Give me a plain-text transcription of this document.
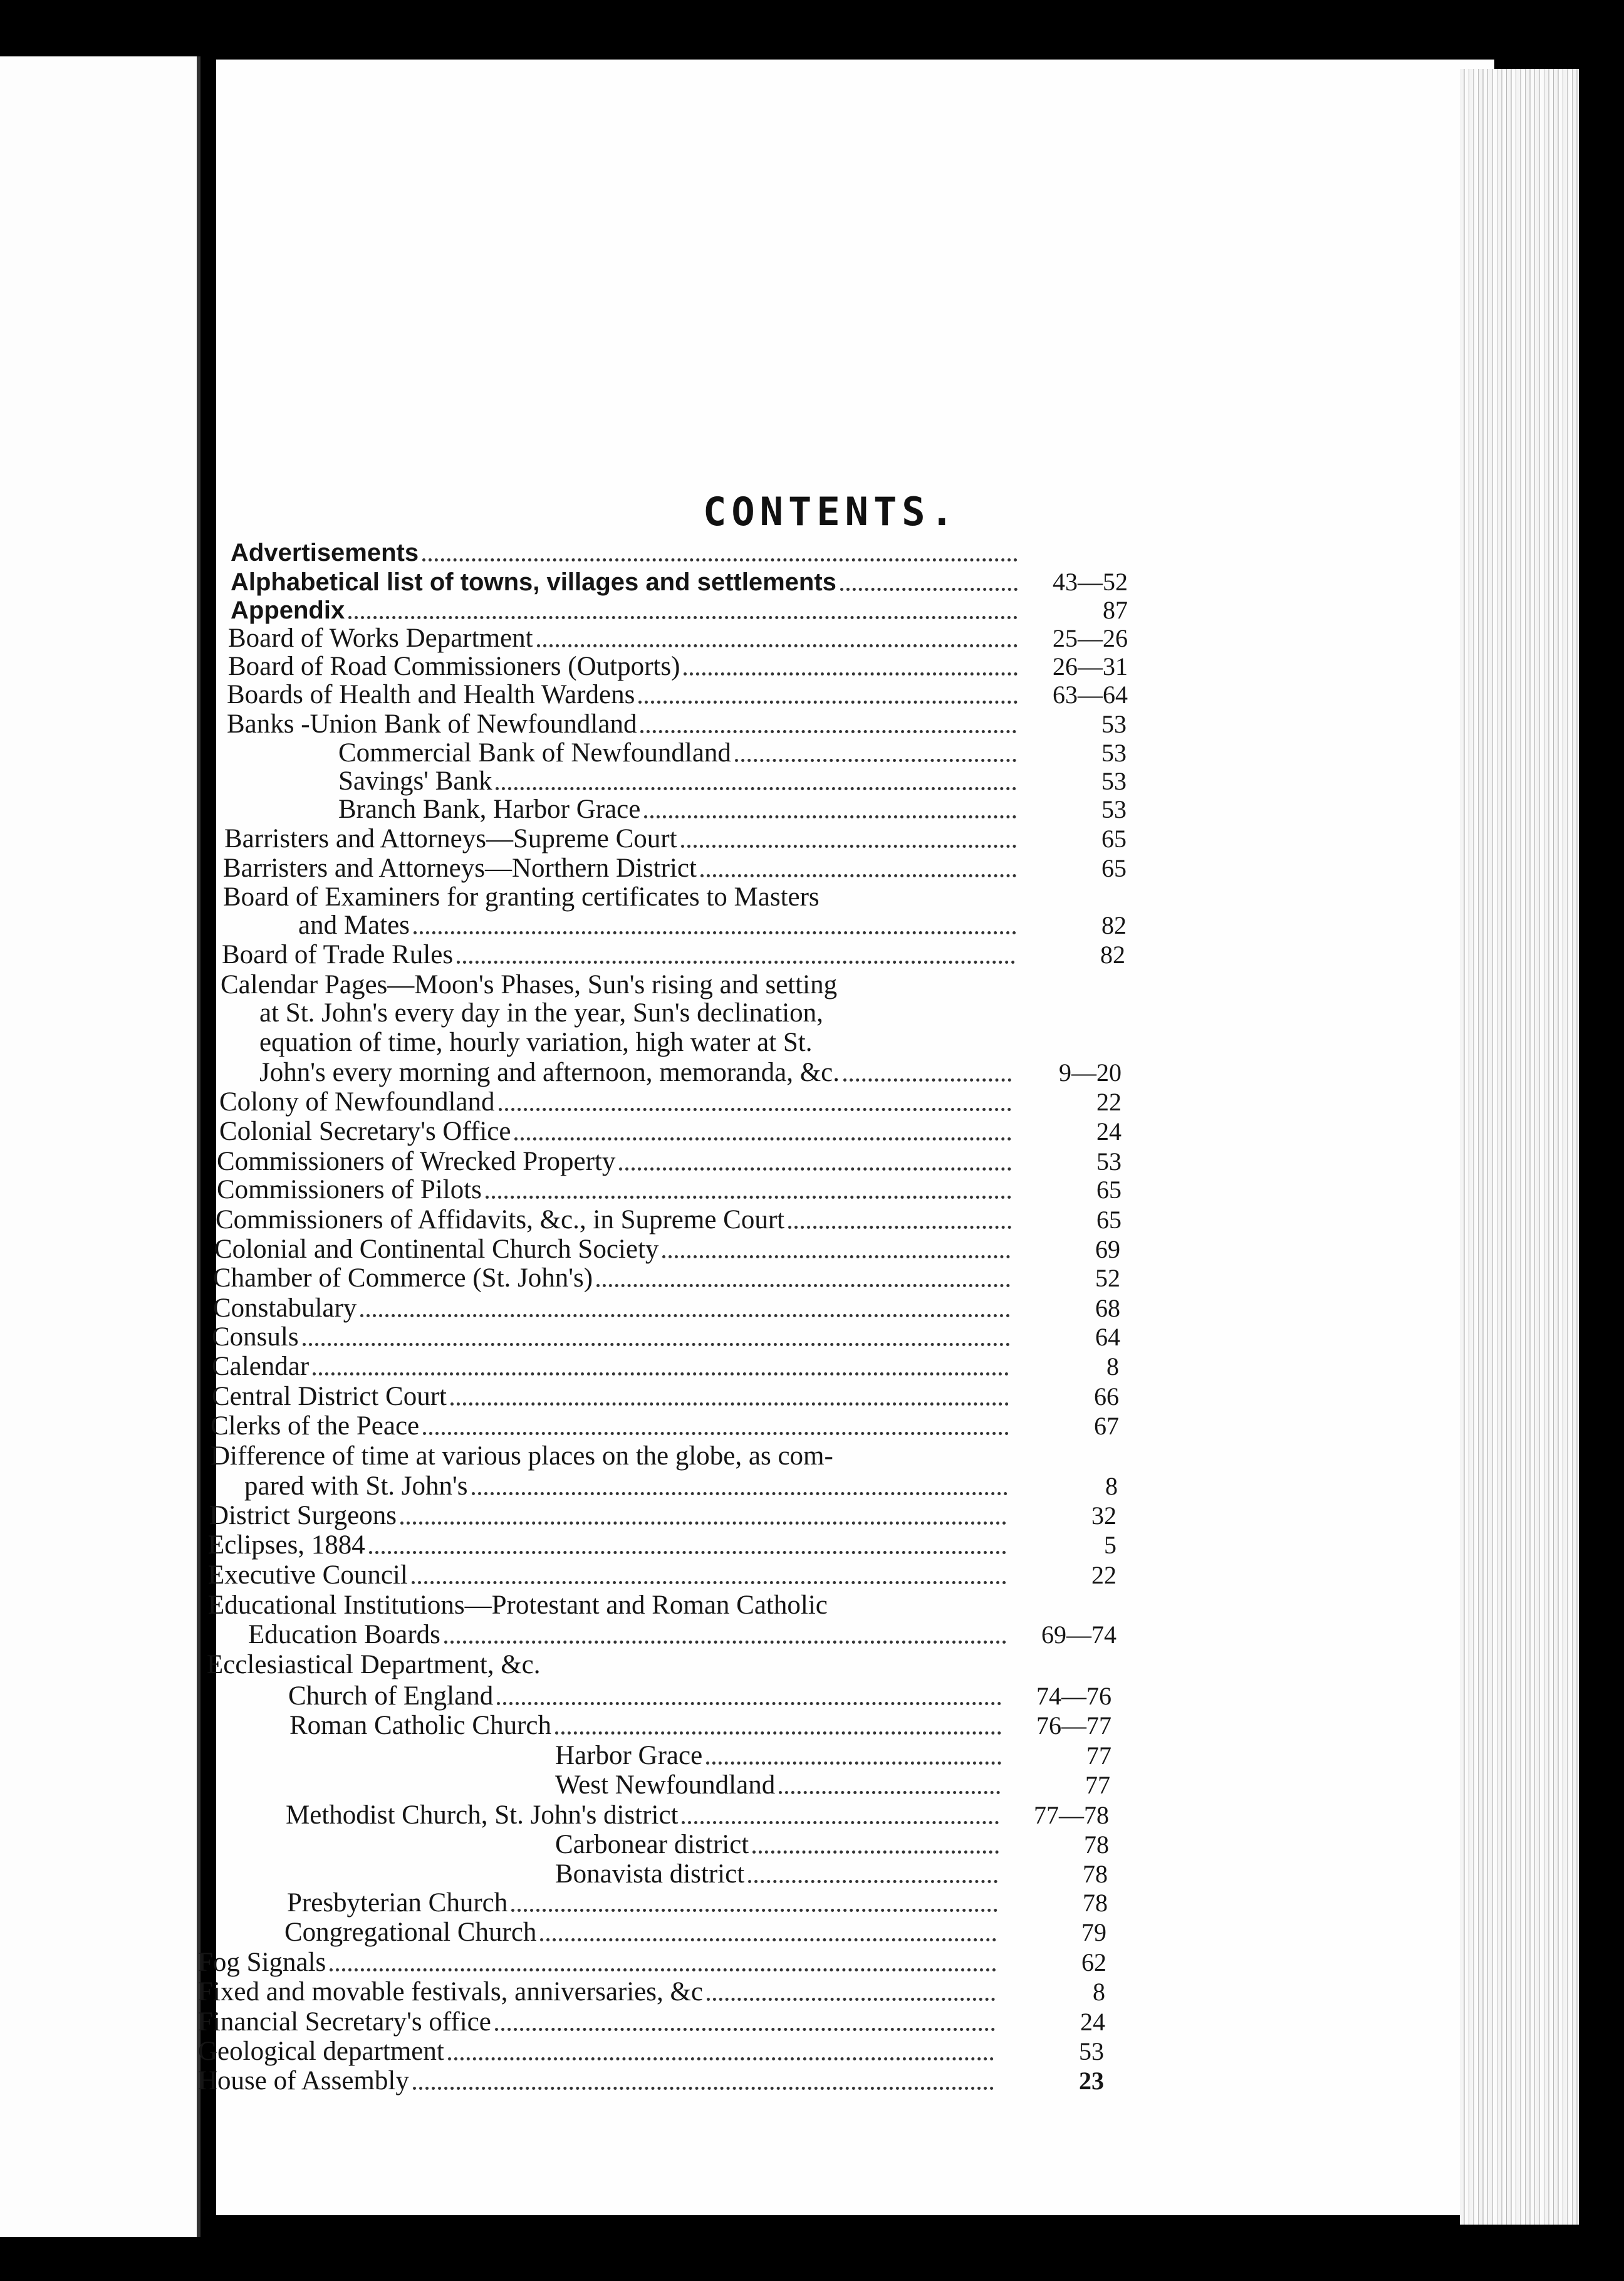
CONTENTS.
Advertisements
Alphabetical list of towns, villages and settlements	43—52
Appendix	87
Board of Works Department	25—26
Board of Road Commissioners (Outports)	26—31
Boards of Health and Health Wardens	63—64
Banks -Union Bank of Newfoundland	53
Commercial Bank of Newfoundland	53
Savings' Bank	53
Branch Bank, Harbor Grace	53
Barristers and Attorneys—Supreme Court	65
Barristers and Attorneys—Northern District	65
Board of Examiners for granting certificates to Masters
and Mates	82
Board of Trade Rules	82
Calendar Pages—Moon's Phases, Sun's rising and setting
at St. John's every day in the year, Sun's declination,
equation of time, hourly variation, high water at St.
John's every morning and afternoon, memoranda, &c.	9—20
Colony of Newfoundland	22
Colonial Secretary's Office	24
Commissioners of Wrecked Property	53
Commissioners of Pilots	65
Commissioners of Affidavits, &c., in Supreme Court	65
Colonial and Continental Church Society	69
Chamber of Commerce (St. John's)	52
Constabulary	68
Consuls	64
Calendar	8
Central District Court	66
Clerks of the Peace	67
Difference of time at various places on the globe, as com-
pared with St. John's	8
District Surgeons	32
Eclipses, 1884	5
Executive Council	22
Educational Institutions—Protestant and Roman Catholic
Education Boards	69—74
Ecclesiastical Department, &c.
Church of England	74—76
Roman Catholic Church	76—77
Harbor Grace	77
West Newfoundland	77
Methodist Church, St. John's district	77—78
Carbonear district	78
Bonavista district	78
Presbyterian Church	78
Congregational Church	79
Fog Signals	62
Fixed and movable festivals, anniversaries, &c	8
Financial Secretary's office	24
Geological department	53
House of Assembly	23
